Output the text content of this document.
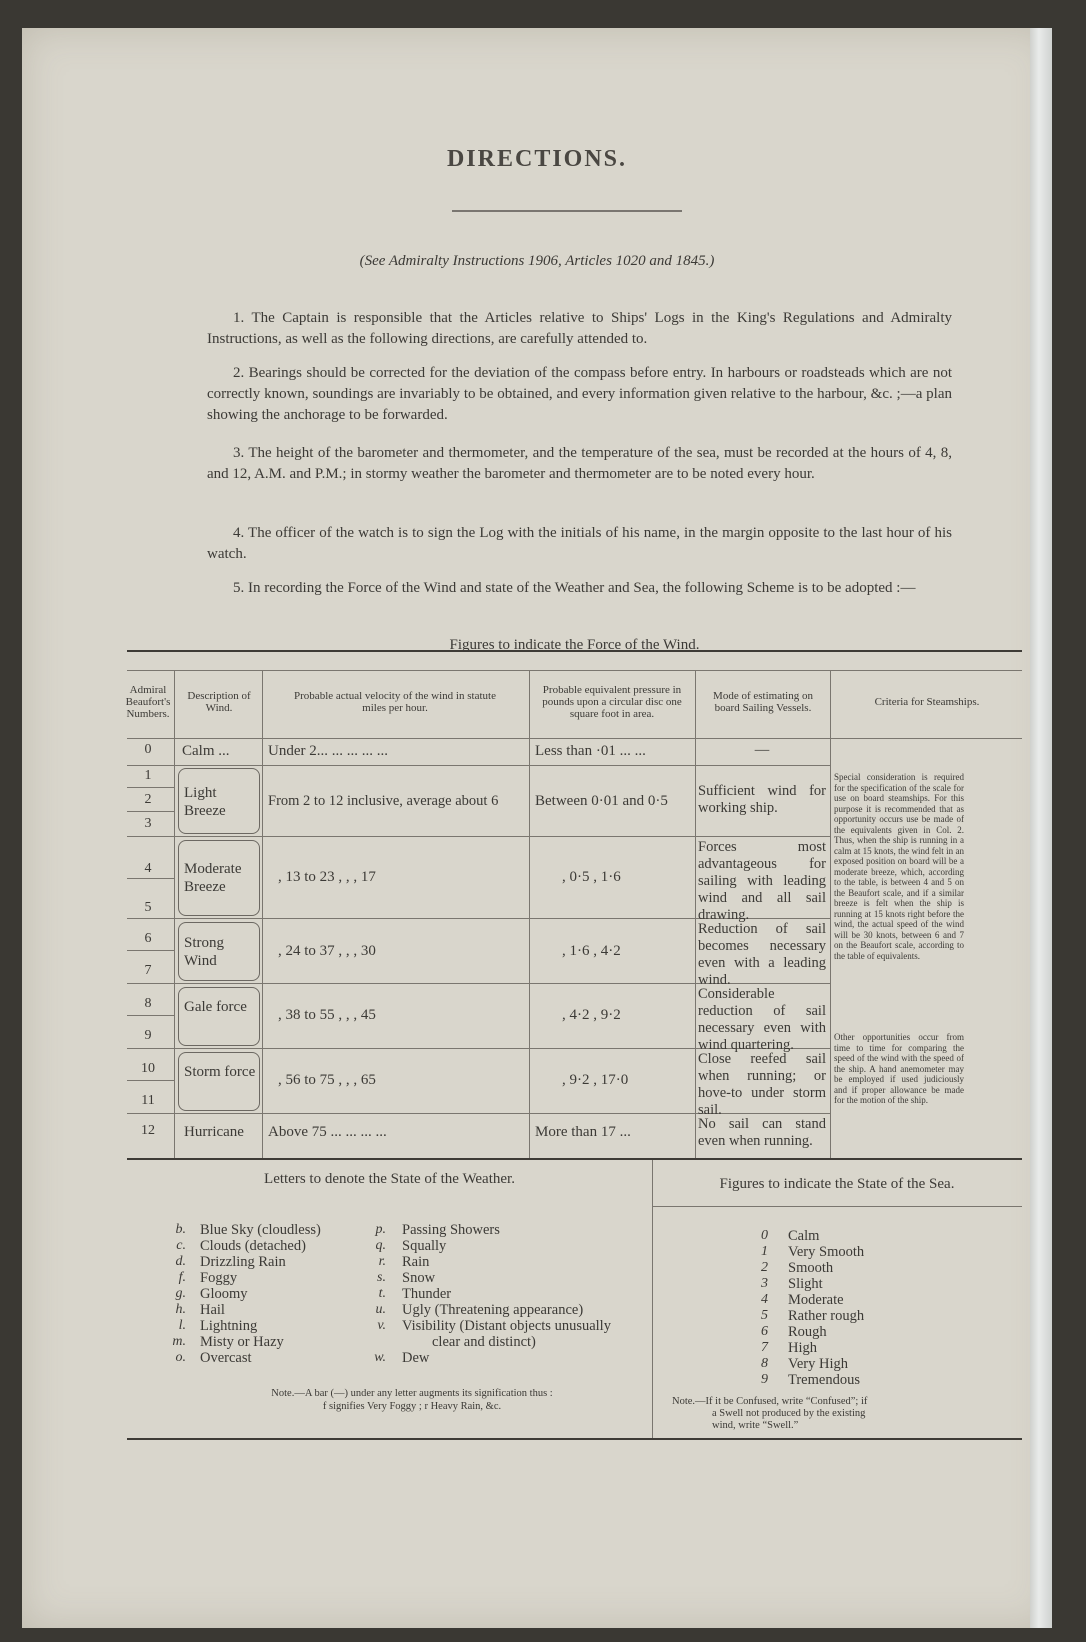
DIRECTIONS.
(See Admiralty Instructions 1906, Articles 1020 and 1845.)
1. The Captain is responsible that the Articles relative to Ships' Logs in the King's Regulations and Admiralty Instructions, as well as the following directions, are carefully attended to.
2. Bearings should be corrected for the deviation of the compass before entry. In harbours or roadsteads which are not correctly known, soundings are invariably to be obtained, and every information given relative to the harbour, &c. ;—a plan showing the anchorage to be forwarded.
3. The height of the barometer and thermometer, and the temperature of the sea, must be recorded at the hours of 4, 8, and 12, A.M. and P.M.; in stormy weather the barometer and thermometer are to be noted every hour.
4. The officer of the watch is to sign the Log with the initials of his name, in the margin opposite to the last hour of his watch.
5. In recording the Force of the Wind and state of the Weather and Sea, the following Scheme is to be adopted :—
Figures to indicate the Force of the Wind.
Admiral Beaufort's Numbers.
Description of Wind.
Probable actual velocity of the wind in statute miles per hour.
Probable equivalent pressure in pounds upon a circular disc one square foot in area.
Mode of estimating on board Sailing Vessels.	Criteria for Steamships.
0
1
2
3
4
5
6
7
8
9
10
11
12
Calm ...
Light Breeze
Moderate Breeze
Strong Wind
Gale force
Storm force
Hurricane
Under 2... ... ... ... ...
From 2 to 12 inclusive, average about 6
, 13 to 23 , , , 17
, 24 to 37 , , , 30
, 38 to 55 , , , 45
, 56 to 75 , , , 65
Above 75 ... ... ... ...
Less than ·01 ... ...
Between 0·01 and 0·5
, 0·5 , 1·6
, 1·6 , 4·2
, 4·2 , 9·2
, 9·2 , 17·0
More than 17 ...
—
Sufficient wind for working ship.
Forces most advantageous for sailing with leading wind and all sail drawing.
Reduction of sail becomes necessary even with a leading wind.
Considerable reduction of sail necessary even with wind quartering.
Close reefed sail when running; or hove-to under storm sail.
No sail can stand even when running.
Special consideration is required for the specification of the scale for use on board steamships. For this purpose it is recommended that as opportunity occurs use be made of the equivalents given in Col. 2. Thus, when the ship is running in a calm at 15 knots, the wind felt in an exposed position on board will be a moderate breeze, which, according to the table, is between 4 and 5 on the Beaufort scale, and if a similar breeze is felt when the ship is running at 15 knots right before the wind, the actual speed of the wind will be 30 knots, between 6 and 7 on the Beaufort scale, according to the table of equivalents.
Other opportunities occur from time to time for comparing the speed of the wind with the speed of the ship. A hand anemometer may be employed if used judiciously and if proper allowance be made for the motion of the ship.
Letters to denote the State of the Weather.	Figures to indicate the State of the Sea.
b. Blue Sky (cloudless)
c. Clouds (detached)
d. Drizzling Rain
f. Foggy
g. Gloomy
h. Hail
l. Lightning
m. Misty or Hazy
o. Overcast
p. Passing Showers
q. Squally
r. Rain
s. Snow
t. Thunder
u. Ugly (Threatening appearance)
v. Visibility (Distant objects unusually
clear and distinct)
w. Dew
Note.—A bar (—) under any letter augments its signification thus :
f signifies Very Foggy ; r Heavy Rain, &c.
0 Calm
1 Very Smooth
2 Smooth
3 Slight
4 Moderate
5 Rather rough
6 Rough
7 High
8 Very High
9 Tremendous
Note.—If it be Confused, write “Confused”; if
a Swell not produced by the existing
wind, write “Swell.”
